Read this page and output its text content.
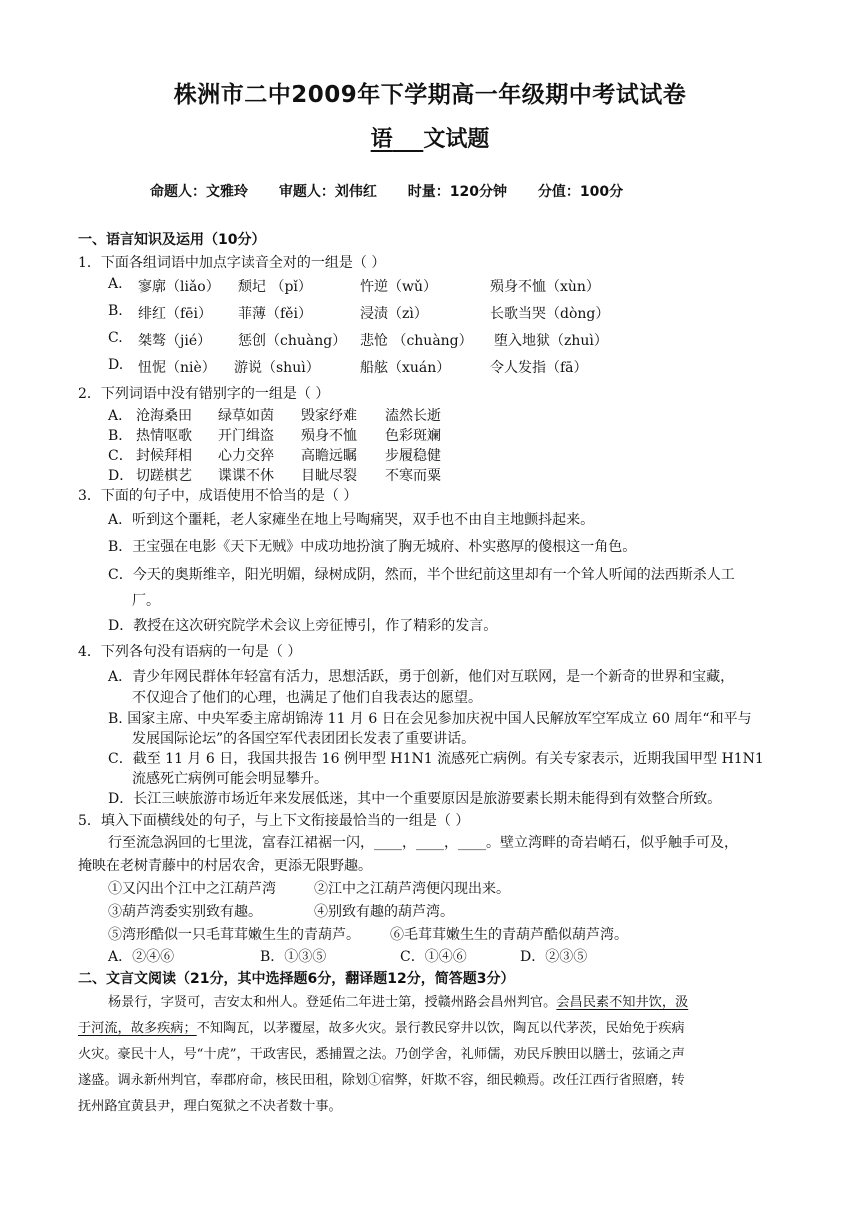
株洲市二中2009年下学期高一年级期中考试试卷
语 文试题
命题人：文雅玲 审题人：刘伟红 时量：120分钟 分值：100分
一、语言知识及运用（10分）
1．下面各组词语中加点字读音全对的一组是（ ）
A. 寥廓（liǎo） 颓圮 （pǐ）	忤逆（wǔ）	殒身不恤（xùn）
B. 绯红（fēi） 菲薄（fěi）	浸渍（zì）	长歌当哭（dòng）
C. 桀骜（jié） 惩创（chuàng） 悲怆 （chuàng） 堕入地狱（zhuì）
D. 忸怩（niè） 游说（shuì）	船舷（xuán）	令人发指（fā）
2．下列词语中没有错别字的一组是（ ）
A． 沧海桑田 绿草如茵 毁家纾难 溘然长逝
B． 热情呕歌 开门缉盗 殒身不恤 色彩斑斓
C． 封候拜相 心力交猝 高瞻远瞩 步履稳健
D． 切蹉棋艺 谍谍不休 目眦尽裂 不寒而粟
3．下面的句子中，成语使用不恰当的是（ ）
A．听到这个噩耗，老人家瘫坐在地上号啕痛哭，双手也不由自主地颤抖起来。
B．王宝强在电影《天下无贼》中成功地扮演了胸无城府、朴实憨厚的傻根这一角色。
C．今天的奥斯维辛，阳光明媚，绿树成阴，然而，半个世纪前这里却有一个耸人听闻的法西斯杀人工
厂。
D．教授在这次研究院学术会议上旁征博引，作了精彩的发言。
4．下列各句没有语病的一句是（ ）
A．青少年网民群体年轻富有活力，思想活跃，勇于创新，他们对互联网，是一个新奇的世界和宝藏，
不仅迎合了他们的心理，也满足了他们自我表达的愿望。
B. 国家主席、中央军委主席胡锦涛 11 月 6 日在会见参加庆祝中国人民解放军空军成立 60 周年“和平与
发展国际论坛”的各国空军代表团团长发表了重要讲话。
C．截至 11 月 6 日，我国共报告 16 例甲型 H1N1 流感死亡病例。有关专家表示，近期我国甲型 H1N1
流感死亡病例可能会明显攀升。
D．长江三峡旅游市场近年来发展低迷，其中一个重要原因是旅游要素长期未能得到有效整合所致。
5．填入下面横线处的句子，与上下文衔接最恰当的一组是（ ）
行至流急涡回的七里泷，富春江裙裾一闪，____，____，____。壁立湾畔的奇岩峭石，似乎触手可及，
掩映在老树青藤中的村居农舍，更添无限野趣。
①又闪出个江中之江葫芦湾	②江中之江葫芦湾便闪现出来。
③葫芦湾委实别致有趣。	④别致有趣的葫芦湾。
⑤湾形酷似一只毛茸茸嫩生生的青葫芦。 ⑥毛茸茸嫩生生的青葫芦酷似葫芦湾。
A．②④⑥	B．①③⑤	C．①④⑥	D．②③⑤
二、文言文阅读（21分，其中选择题6分，翻译题12分，简答题3分）
杨景行，字贤可，吉安太和州人。登延佑二年进士第，授赣州路会昌州判官。会昌民素不知井饮，汲
于河流，故多疾病；不知陶瓦，以茅覆屋，故多火灾。景行教民穿井以饮，陶瓦以代茅茨，民始免于疾病
火灾。豪民十人，号“十虎”，干政害民，悉捕置之法。乃创学舍，礼师儒，劝民斥腴田以膳士，弦诵之声
遂盛。调永新州判官，奉郡府命，核民田租，除划①宿弊，奸欺不容，细民赖焉。改任江西行省照磨，转
抚州路宜黄县尹，理白冤狱之不决者数十事。
